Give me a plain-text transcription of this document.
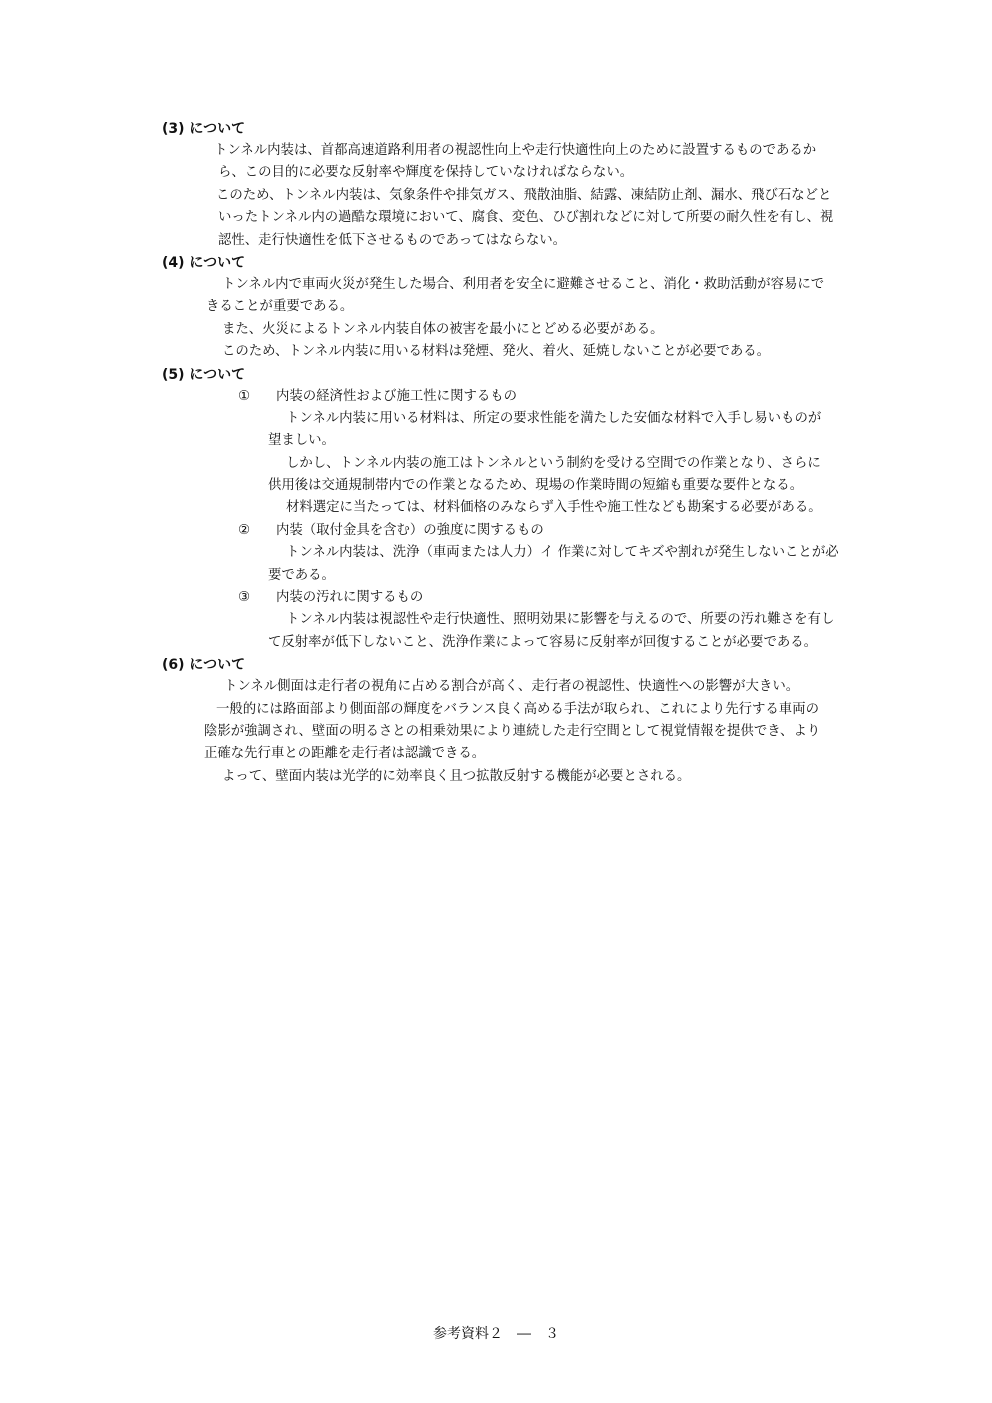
(3) について
トンネル内装は、首都高速道路利用者の視認性向上や走行快適性向上のために設置するものであるか
ら、この目的に必要な反射率や輝度を保持していなければならない。
このため、トンネル内装は、気象条件や排気ガス、飛散油脂、結露、凍結防止剤、漏水、飛び石などと
いったトンネル内の過酷な環境において、腐食、変色、ひび割れなどに対して所要の耐久性を有し、視
認性、走行快適性を低下させるものであってはならない。
(4) について
トンネル内で車両火災が発生した場合、利用者を安全に避難させること、消化・救助活動が容易にで
きることが重要である。
また、火災によるトンネル内装自体の被害を最小にとどめる必要がある。
このため、トンネル内装に用いる材料は発煙、発火、着火、延焼しないことが必要である。
(5) について
① 内装の経済性および施工性に関するもの
トンネル内装に用いる材料は、所定の要求性能を満たした安価な材料で入手し易いものが
望ましい。
しかし、トンネル内装の施工はトンネルという制約を受ける空間での作業となり、さらに
供用後は交通規制帯内での作業となるため、現場の作業時間の短縮も重要な要件となる。
材料選定に当たっては、材料価格のみならず入手性や施工性なども勘案する必要がある。
② 内装（取付金具を含む）の強度に関するもの
トンネル内装は、洗浄（車両または人力）イ 作業に対してキズや割れが発生しないことが必
要である。
③ 内装の汚れに関するもの
トンネル内装は視認性や走行快適性、照明効果に影響を与えるので、所要の汚れ難さを有し
て反射率が低下しないこと、洗浄作業によって容易に反射率が回復することが必要である。
(6) について
トンネル側面は走行者の視角に占める割合が高く、走行者の視認性、快適性への影響が大きい。
一般的には路面部より側面部の輝度をバランス良く高める手法が取られ、これにより先行する車両の
陰影が強調され、壁面の明るさとの相乗効果により連続した走行空間として視覚情報を提供でき、より
正確な先行車との距離を走行者は認識できる。
よって、壁面内装は光学的に効率良く且つ拡散反射する機能が必要とされる。
参考資料２　―　３
